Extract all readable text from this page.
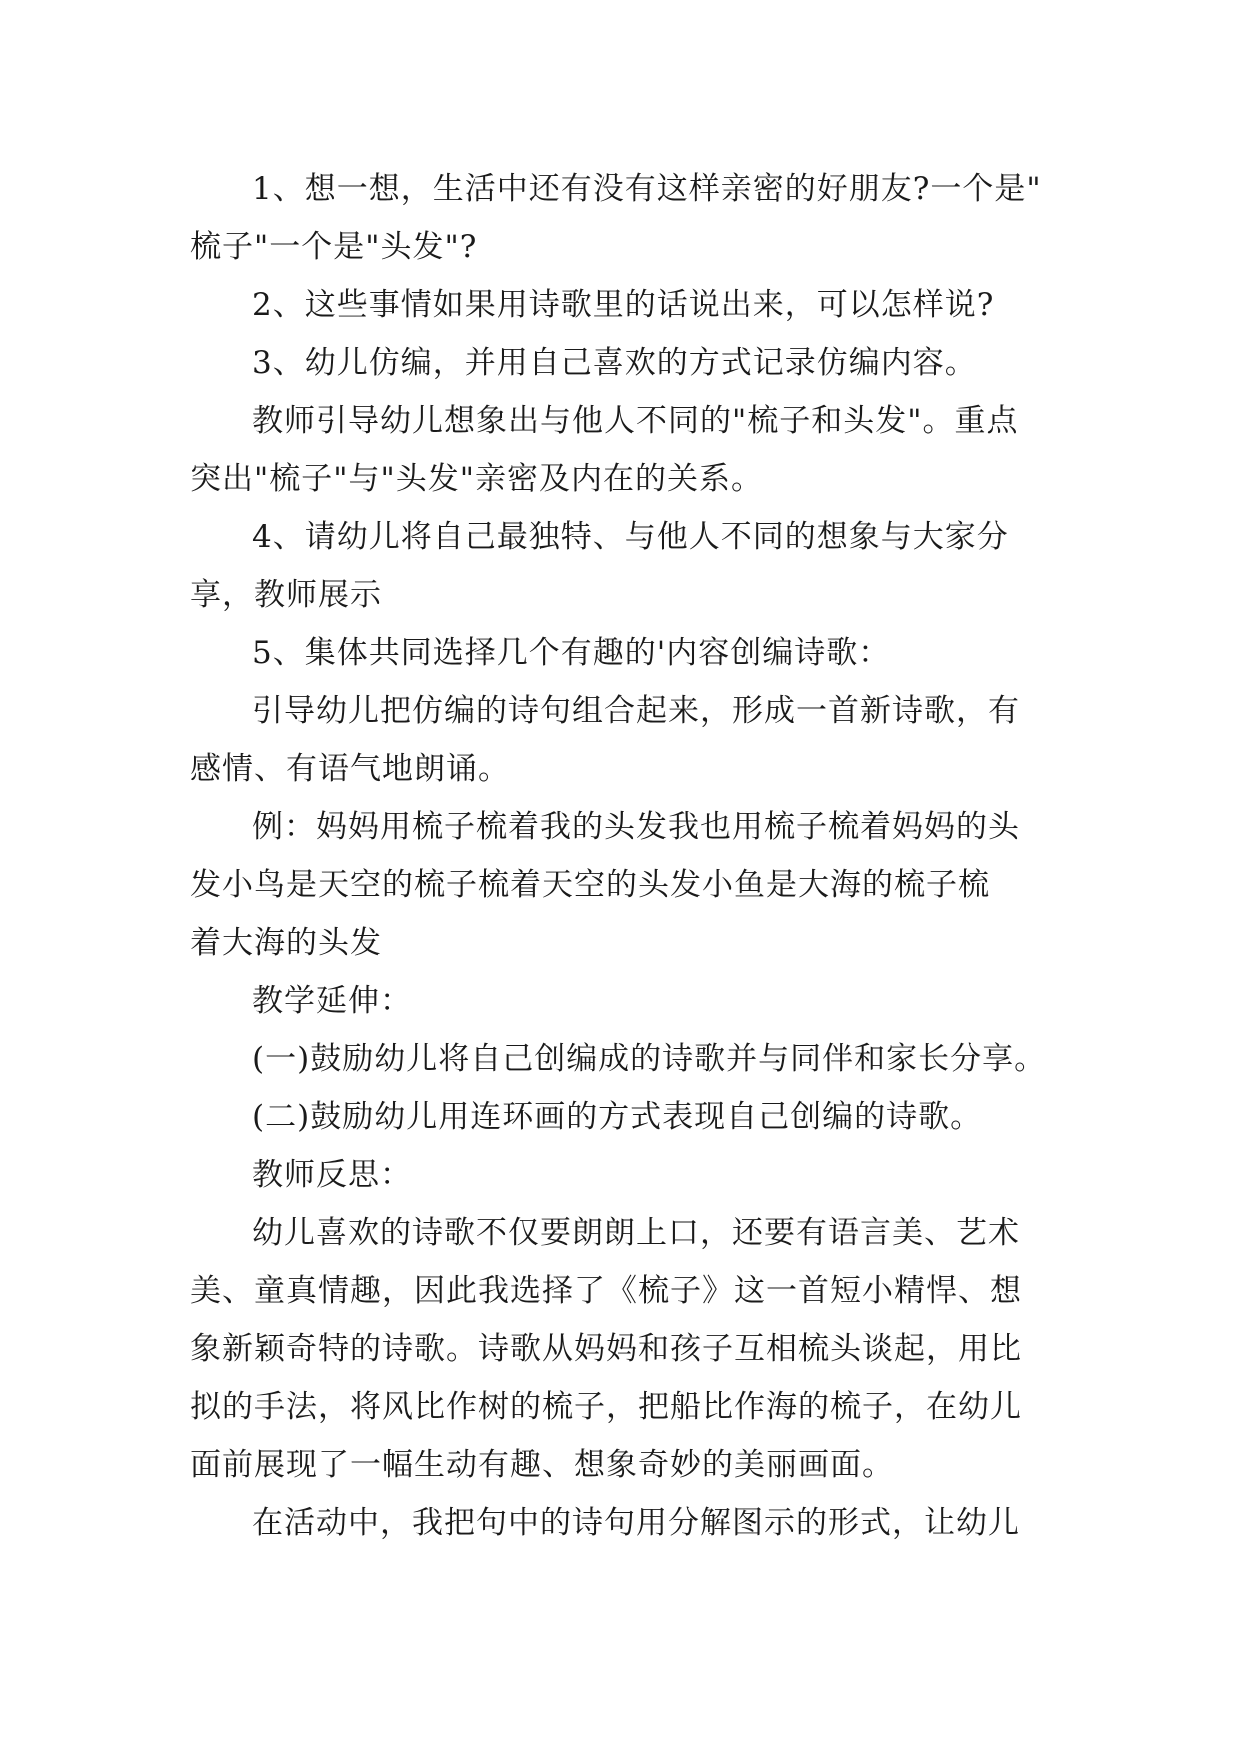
1、想一想，生活中还有没有这样亲密的好朋友?一个是"
梳子"一个是"头发"?

2、这些事情如果用诗歌里的话说出来，可以怎样说?

3、幼儿仿编，并用自己喜欢的方式记录仿编内容。

教师引导幼儿想象出与他人不同的"梳子和头发"。重点
突出"梳子"与"头发"亲密及内在的关系。

4、请幼儿将自己最独特、与他人不同的想象与大家分
享，教师展示

5、集体共同选择几个有趣的'内容创编诗歌：

引导幼儿把仿编的诗句组合起来，形成一首新诗歌，有
感情、有语气地朗诵。

例：妈妈用梳子梳着我的头发我也用梳子梳着妈妈的头
发小鸟是天空的梳子梳着天空的头发小鱼是大海的梳子梳
着大海的头发

教学延伸：

(一)鼓励幼儿将自己创编成的诗歌并与同伴和家长分享。

(二)鼓励幼儿用连环画的方式表现自己创编的诗歌。

教师反思：

幼儿喜欢的诗歌不仅要朗朗上口，还要有语言美、艺术
美、童真情趣，因此我选择了《梳子》这一首短小精悍、想
象新颖奇特的诗歌。诗歌从妈妈和孩子互相梳头谈起，用比
拟的手法，将风比作树的梳子，把船比作海的梳子，在幼儿
面前展现了一幅生动有趣、想象奇妙的美丽画面。

在活动中，我把句中的诗句用分解图示的形式，让幼儿
